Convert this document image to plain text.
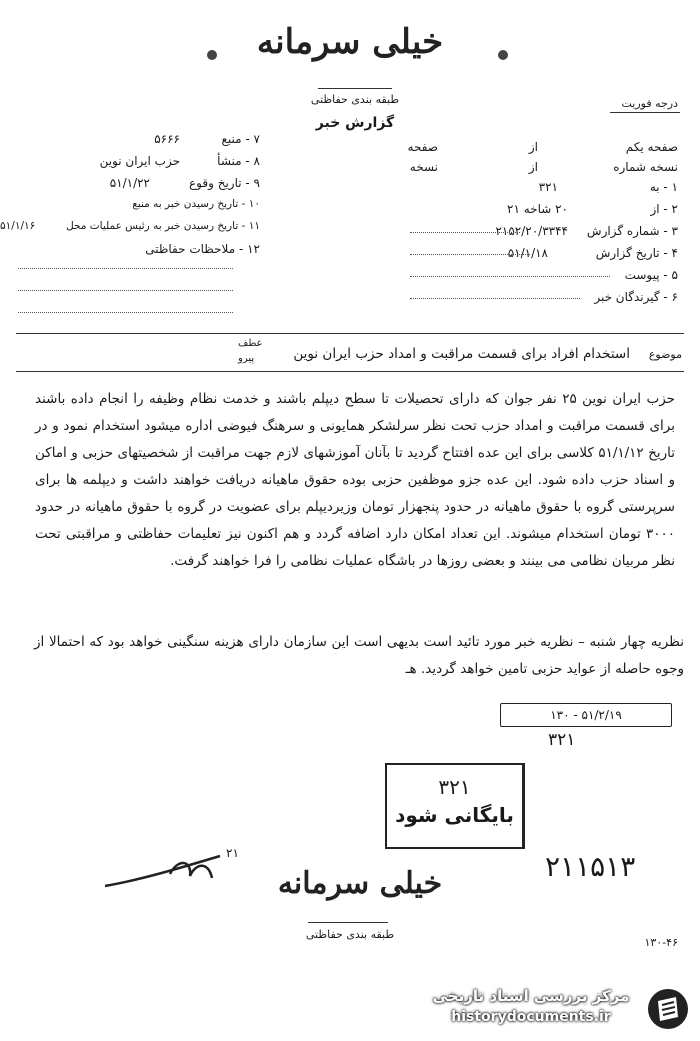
خیلی سرمانه
طبقه بندی حفاظتی	درجه فوریت
گزارش خبر
صفحه یکم
از
صفحه
نسخه شماره
از
نسخه
۱ - به
۳۲۱
۲ - از
۲۰ شاخه ۲۱
۳ - شماره گزارش
۲۱۵۲/۲۰/۳۳۴۴
۴ - تاریخ گزارش
۵۱/۱/۱۸
۵ - پیوست
۶ - گیرندگان خبر
۷ - منبع
۵۶۶۶
۸ - منشأ
حزب ایران نوین
۹ - تاریخ وقوع
۵۱/۱/۲۲
۱۰ - تاریخ رسیدن خبر به منبع
۱۱ - تاریخ رسیدن خبر به رئیس عملیات محل
۵۱/۱/۱۶
۱۲ - ملاحظات حفاظتی
موضوع
استخدام افراد برای قسمت مراقبت و امداد حزب ایران نوین
عطف
پیرو
حزب ایران نوین ۲۵ نفر جوان که دارای تحصیلات تا سطح دیپلم باشند و خدمت نظام وظیفه را انجام داده باشند برای قسمت مراقبت و امداد حزب تحت نظر سرلشکر همایونی و سرهنگ فیوضی اداره میشود استخدام نمود و در تاریخ ۵۱/۱/۱۲ کلاسی برای این عده افتتاح گردید تا بآنان آموزشهای لازم جهت مراقبت از شخصیتهای حزبی و اماکن و اسناد حزب داده شود. این عده جزو موظفین حزبی بوده حقوق ماهیانه دریافت خواهند داشت و دیپلمه ها برای سرپرستی گروه با حقوق ماهیانه در حدود پنجهزار تومان وزیردیپلم برای عضویت در گروه با حقوق ماهیانه در حدود ۳۰۰۰ تومان استخدام میشوند. این تعداد امکان دارد اضافه گردد و هم اکنون نیز تعلیمات حفاظتی و مراقبتی تحت نظر مربیان نظامی می بینند و بعضی روزها در باشگاه عملیات نظامی را فرا خواهند گرفت.
نظریه چهار شنبه – نظریه خبر مورد تائید است بدیهی است این سازمان دارای هزینه سنگینی خواهد بود که احتمالا از وجوه حاصله از عواید حزبی تامین خواهد گردید. هـ
۵۱/۲/۱۹ - ۱۳۰
۳۲۱
۳۲۱
بایگانی شود
۲۱	۲۱۱۵۱۳
خیلی سرمانه
طبقه بندی حفاظتی
۱۳۰-۴۶
مرکز بررسی اسناد تاریخی
historydocuments.ir
